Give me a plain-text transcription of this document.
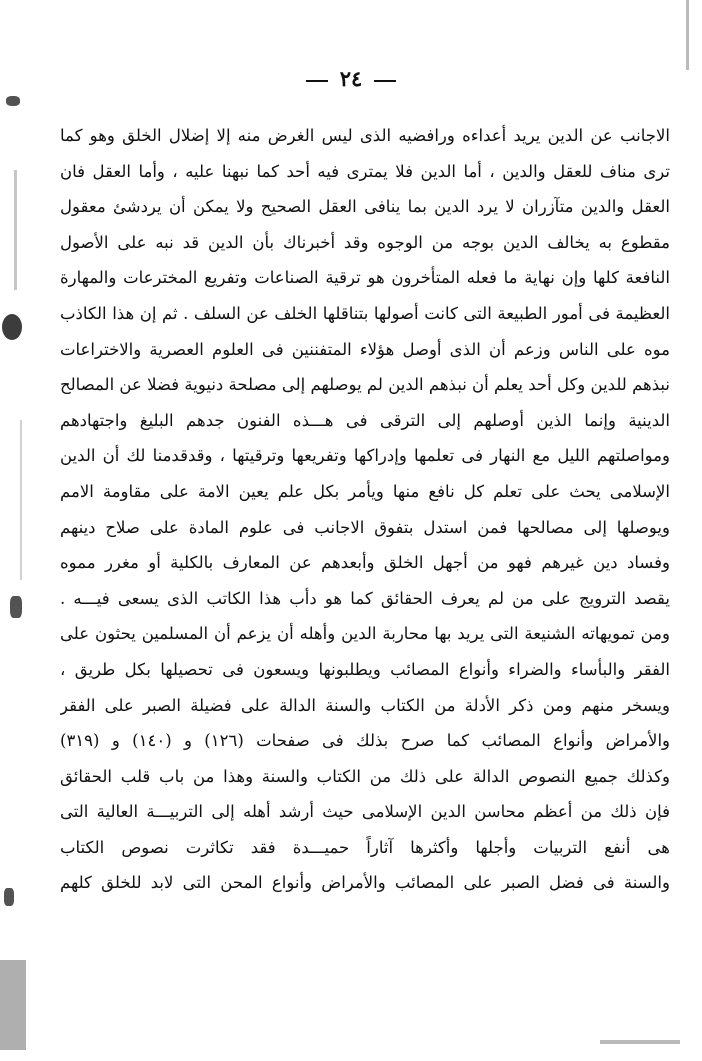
٢٤
الاجانب عن الدين يريد أعداءه ورافضيه الذى ليس الغرض منه إلا إضلال الخلق وهو كما
ترى مناف للعقل والدين ، أما الدين فلا يمترى فيه أحد كما نبهنا عليه ، وأما العقل فان
العقل والدين متآزران لا يرد الدين بما ينافى العقل الصحيح ولا يمكن أن يردشئ معقول
مقطوع به يخالف الدين بوجه من الوجوه وقد أخبرناك بأن الدين قد نبه على الأصول
النافعة كلها وإن نهاية ما فعله المتأخرون هو ترقية الصناعات وتفريع المخترعات والمهارة
العظيمة فى أمور الطبيعة التى كانت أصولها بتناقلها الخلف عن السلف . ثم إن هذا الكاذب
موه على الناس وزعم أن الذى أوصل هؤلاء المتفننين فى العلوم العصرية والاختراعات
نبذهم للدين وكل أحد يعلم أن نبذهم الدين لم يوصلهم إلى مصلحة دنيوية فضلا عن المصالح
الدينية وإنما الذين أوصلهم إلى الترقى فى هـــذه الفنون جدهم البليغ واجتهادهم
ومواصلتهم الليل مع النهار فى تعلمها وإدراكها وتفريعها وترقيتها ، وقدقدمنا لك أن الدين
الإسلامى يحث على تعلم كل نافع منها ويأمر بكل علم يعين الامة على مقاومة الامم
ويوصلها إلى مصالحها فمن استدل بتفوق الاجانب فى علوم المادة على صلاح دينهم
وفساد دين غيرهم فهو من أجهل الخلق وأبعدهم عن المعارف بالكلية أو مغرر مموه
يقصد الترويج على من لم يعرف الحقائق كما هو دأب هذا الكاتب الذى يسعى فيـــه .
ومن تمويهاته الشنيعة التى يريد بها محاربة الدين وأهله أن يزعم أن المسلمين يحثون على
الفقر والبأساء والضراء وأنواع المصائب ويطلبونها ويسعون فى تحصيلها بكل طريق ،
ويسخر منهم ومن ذكر الأدلة من الكتاب والسنة الدالة على فضيلة الصبر على الفقر
والأمراض وأنواع المصائب كما صرح بذلك فى صفحات (١٢٦) و (١٤٠) و (٣١٩)
وكذلك جميع النصوص الدالة على ذلك من الكتاب والسنة وهذا من باب قلب الحقائق
فإن ذلك من أعظم محاسن الدين الإسلامى حيث أرشد أهله إلى التربيـــة العالية التى
هى أنفع التربيات وأجلها وأكثرها آثاراً حميـــدة فقد تكاثرت نصوص الكتاب
والسنة فى فضل الصبر على المصائب والأمراض وأنواع المحن التى لابد للخلق كلهم
